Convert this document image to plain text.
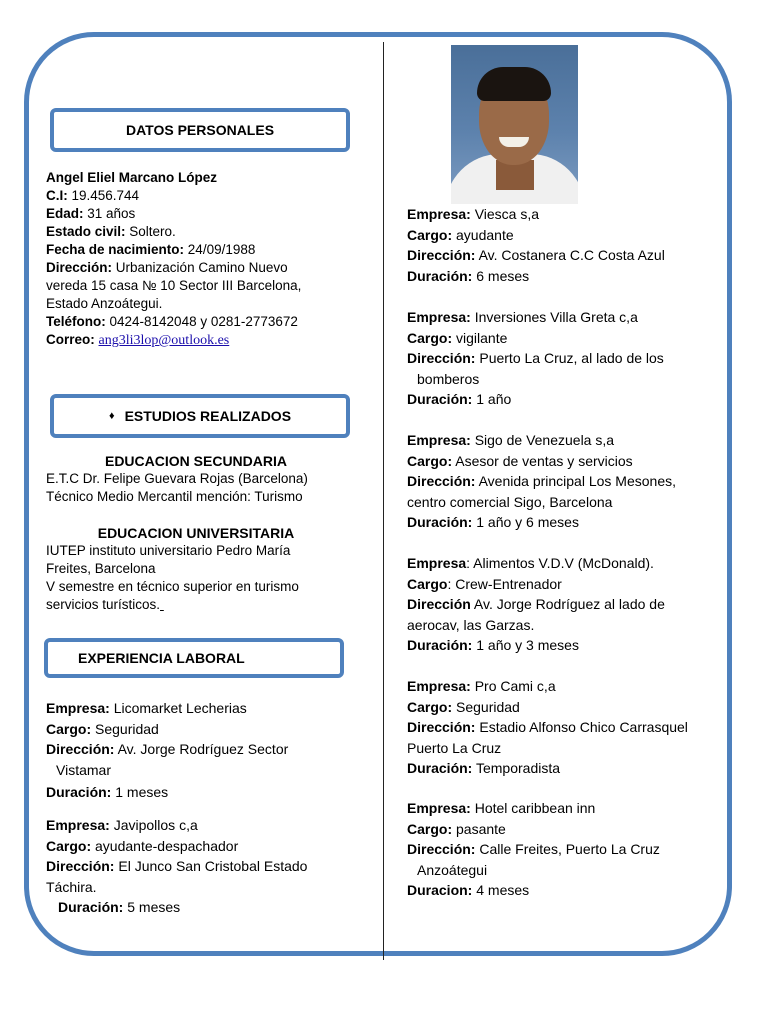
DATOS PERSONALES
Angel Eliel Marcano López
C.I: 19.456.744
Edad: 31 años
Estado civil: Soltero.
Fecha de nacimiento: 24/09/1988
Dirección: Urbanización Camino Nuevo
vereda 15 casa № 10 Sector III Barcelona,
Estado Anzoátegui.
Teléfono: 0424-8142048 y 0281-2773672
Correo: ang3li3lop@outlook.es
♦ ESTUDIOS REALIZADOS
EDUCACION SECUNDARIA
E.T.C Dr. Felipe Guevara Rojas (Barcelona)
Técnico Medio Mercantil mención: Turismo
EDUCACION UNIVERSITARIA
IUTEP instituto universitario Pedro María
Freites, Barcelona
V semestre en técnico superior en turismo
servicios turísticos.
EXPERIENCIA LABORAL
Empresa: Licomarket Lecherias
Cargo: Seguridad
Dirección: Av. Jorge Rodríguez Sector
Vistamar
Duración: 1 meses
Empresa: Javipollos c,a
Cargo: ayudante-despachador
Dirección: El Junco San Cristobal Estado
Táchira.
Duración: 5 meses
Empresa: Viesca s,a
Cargo: ayudante
Dirección: Av. Costanera C.C Costa Azul
Duración: 6 meses
Empresa: Inversiones Villa Greta c,a
Cargo: vigilante
Dirección: Puerto La Cruz, al lado de los
bomberos
Duración: 1 año
Empresa: Sigo de Venezuela s,a
Cargo: Asesor de ventas y servicios
Dirección: Avenida principal Los Mesones,
centro comercial Sigo, Barcelona
Duración: 1 año y 6 meses
Empresa: Alimentos V.D.V (McDonald).
Cargo: Crew-Entrenador
Dirección Av. Jorge Rodríguez al lado de
aerocav, las Garzas.
Duración: 1 año y 3 meses
Empresa: Pro Cami c,a
Cargo: Seguridad
Dirección: Estadio Alfonso Chico Carrasquel
Puerto La Cruz
Duración: Temporadista
Empresa: Hotel caribbean inn
Cargo: pasante
Dirección: Calle Freites, Puerto La Cruz
Anzoátegui
Duracion: 4 meses
